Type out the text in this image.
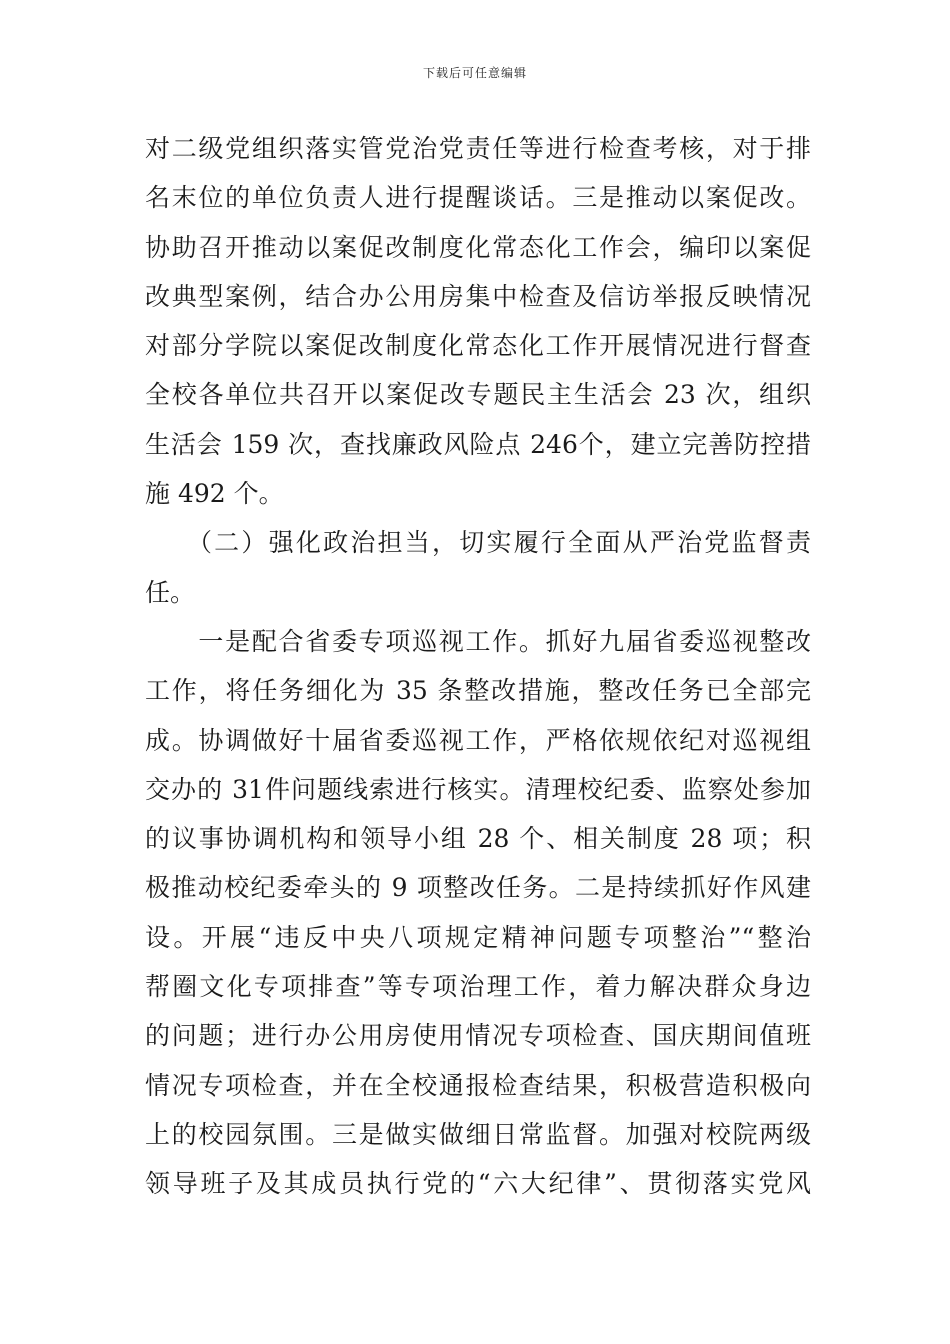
下载后可任意编辑
对二级党组织落实管党治党责任等进行检查考核，对于排
名末位的单位负责人进行提醒谈话。三是推动以案促改。
协助召开推动以案促改制度化常态化工作会，编印以案促
改典型案例，结合办公用房集中检查及信访举报反映情况
对部分学院以案促改制度化常态化工作开展情况进行督查
全校各单位共召开以案促改专题民主生活会 23 次，组织
生活会 159 次，查找廉政风险点 246个，建立完善防控措
施 492 个。
　　（二）强化政治担当，切实履行全面从严治党监督责
任。
　　一是配合省委专项巡视工作。抓好九届省委巡视整改
工作，将任务细化为 35 条整改措施，整改任务已全部完
成。协调做好十届省委巡视工作，严格依规依纪对巡视组
交办的 31件问题线索进行核实。清理校纪委、监察处参加
的议事协调机构和领导小组 28 个、相关制度 28 项；积
极推动校纪委牵头的 9 项整改任务。二是持续抓好作风建
设。开展“违反中央八项规定精神问题专项整治”“整治
帮圈文化专项排查”等专项治理工作，着力解决群众身边
的问题；进行办公用房使用情况专项检查、国庆期间值班
情况专项检查，并在全校通报检查结果，积极营造积极向
上的校园氛围。三是做实做细日常监督。加强对校院两级
领导班子及其成员执行党的“六大纪律”、贯彻落实党风
